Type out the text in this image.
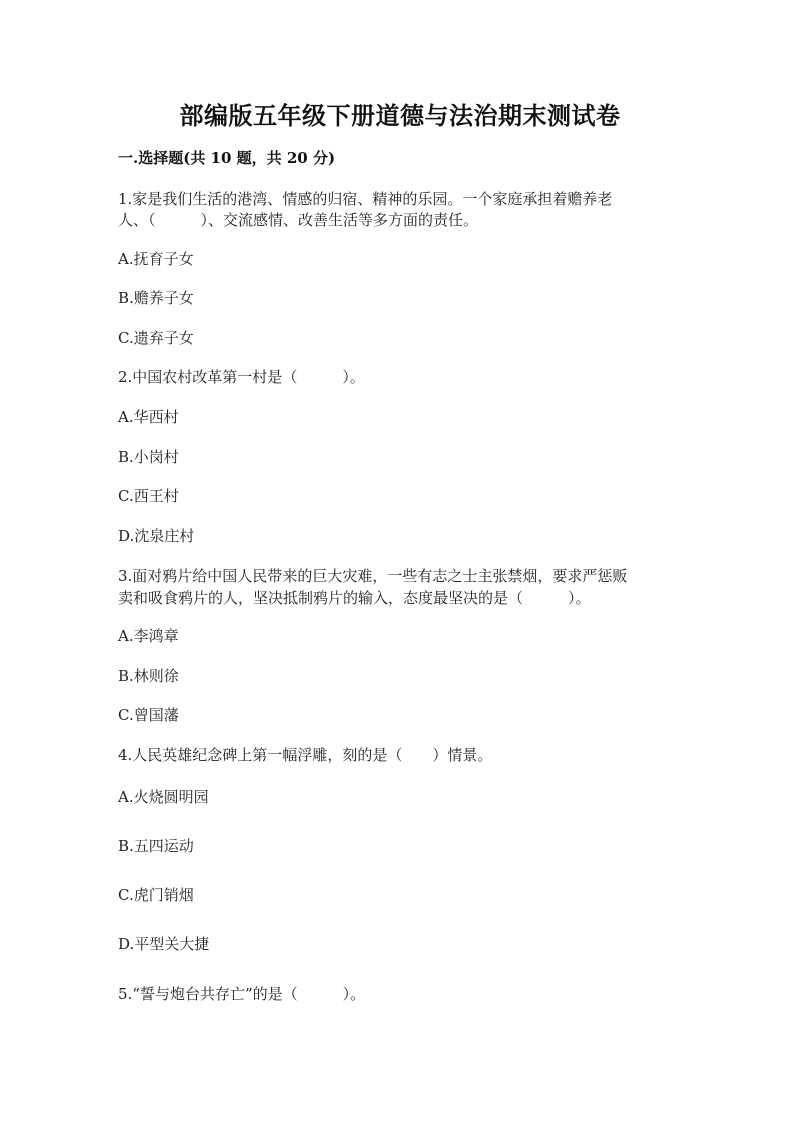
部编版五年级下册道德与法治期末测试卷
一.选择题(共 10 题，共 20 分)
1.家是我们生活的港湾、情感的归宿、精神的乐园。一个家庭承担着赡养老
人、（　　　）、交流感情、改善生活等多方面的责任。
A.抚育子女
B.赡养子女
C.遗弃子女
2.中国农村改革第一村是（　　　）。
A.华西村
B.小岗村
C.西王村
D.沈泉庄村
3.面对鸦片给中国人民带来的巨大灾难，一些有志之士主张禁烟，要求严惩贩
卖和吸食鸦片的人，坚决抵制鸦片的输入，态度最坚决的是（　　　）。
A.李鸿章
B.林则徐
C.曾国藩
4.人民英雄纪念碑上第一幅浮雕，刻的是（　　）情景。
A.火烧圆明园
B.五四运动
C.虎门销烟
D.平型关大捷
5.“誓与炮台共存亡”的是（　　　）。
